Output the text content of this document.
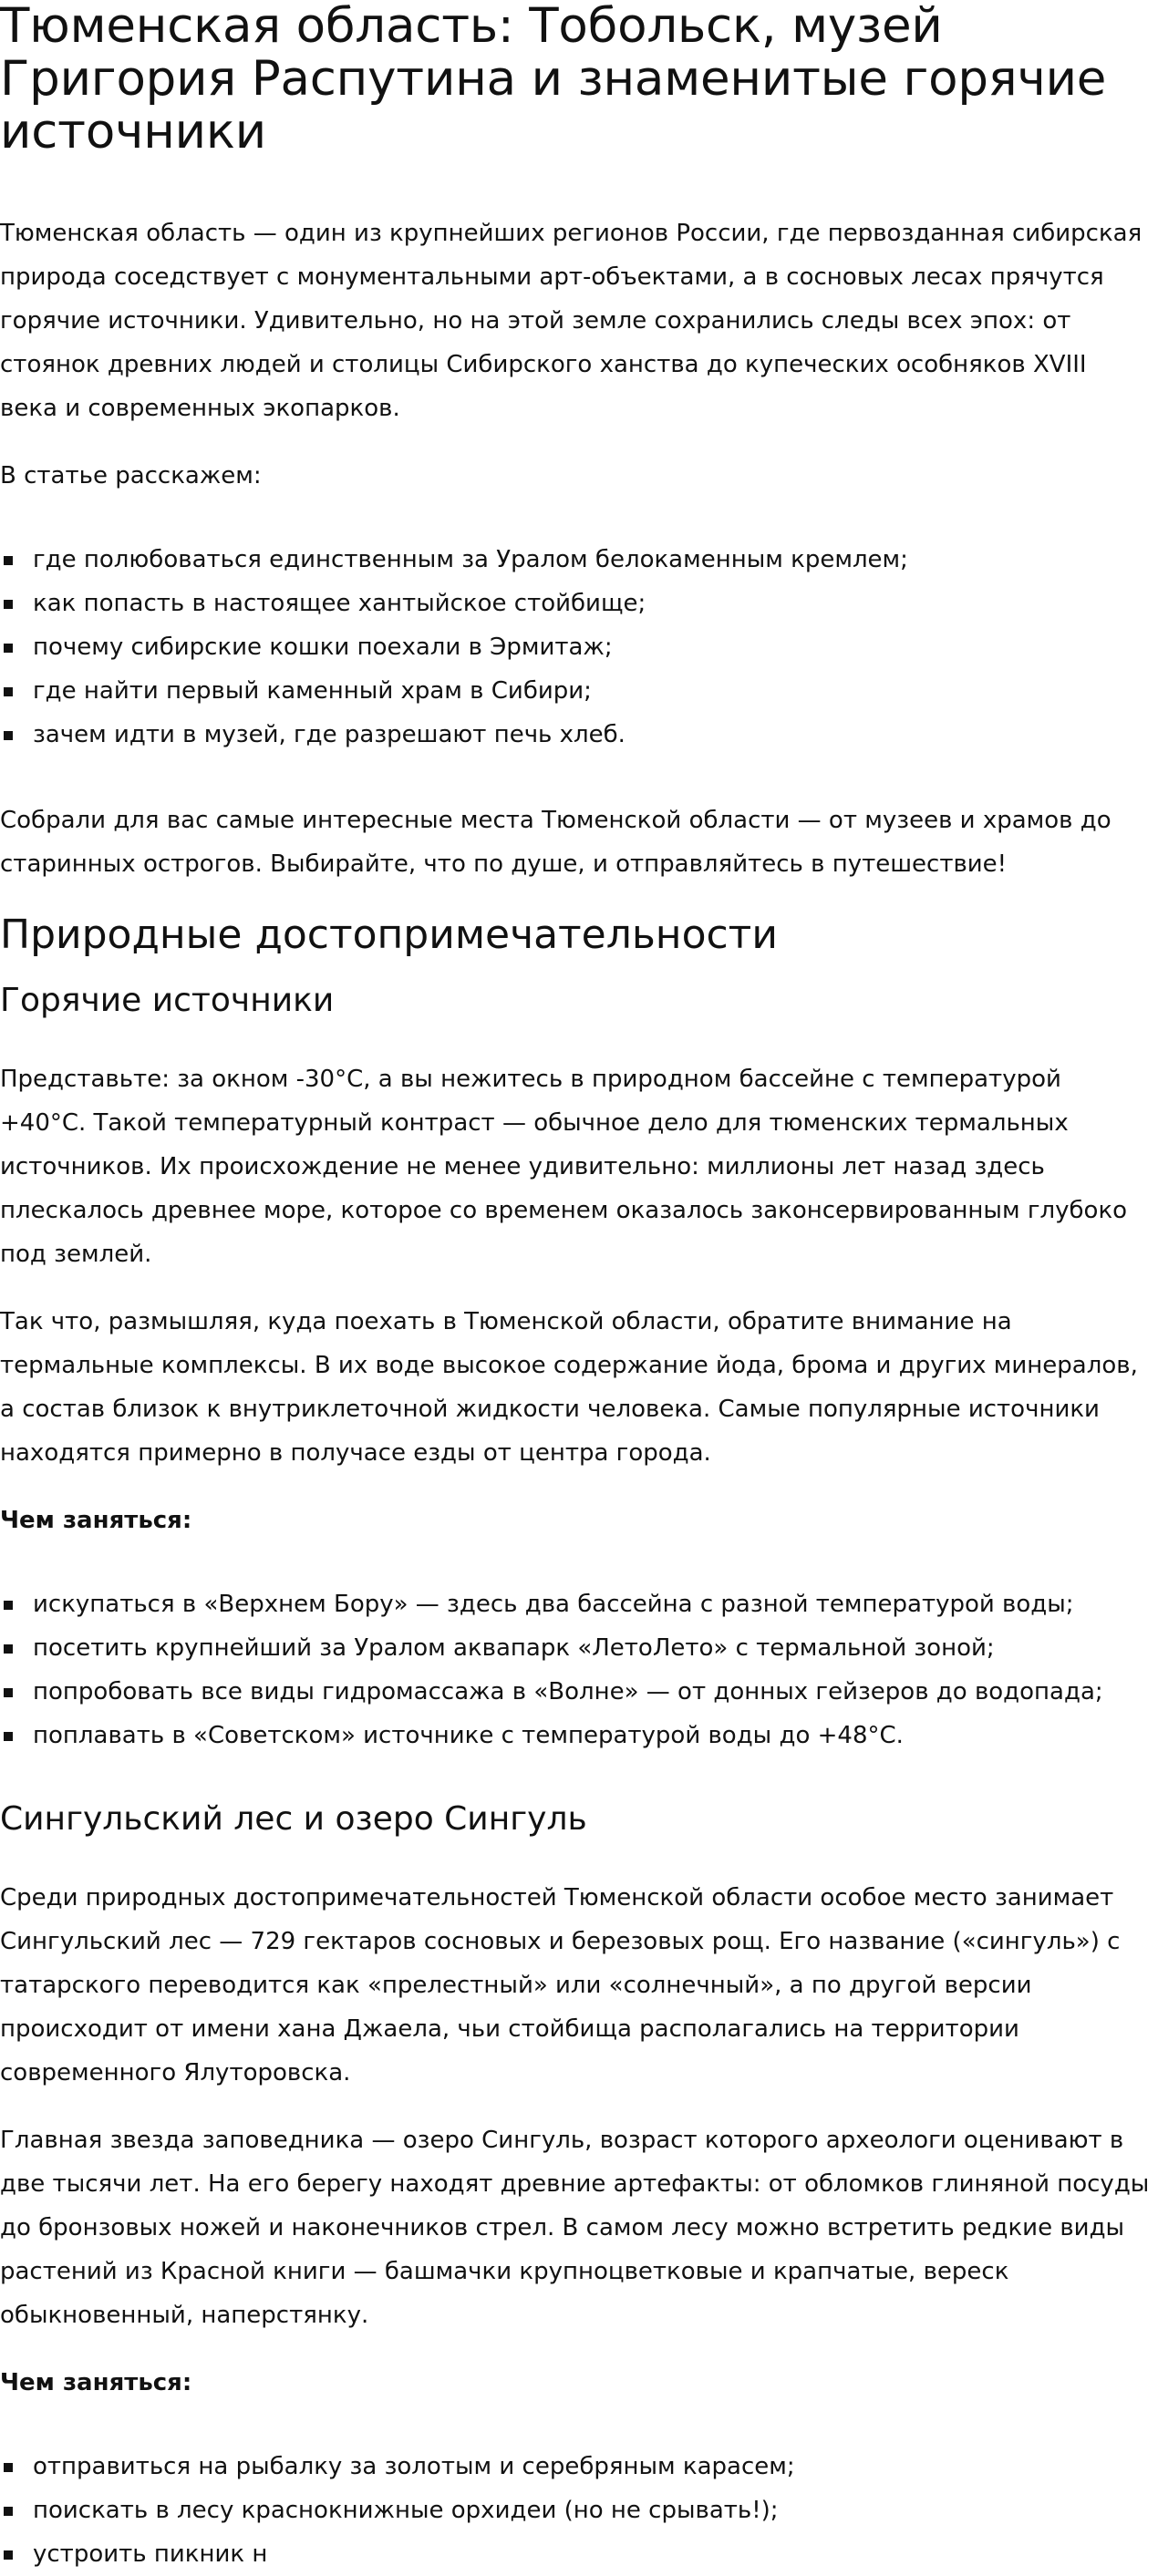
Тюменская область: Тобольск, музей Григория Распутина и знаменитые горячие источники

Тюменская область — один из крупнейших регионов России, где первозданная сибирская природа соседствует с монументальными арт-объектами, а в сосновых лесах прячутся горячие источники. Удивительно, но на этой земле сохранились следы всех эпох: от стоянок древних людей и столицы Сибирского ханства до купеческих особняков XVIII века и современных экопарков.

В статье расскажем:

где полюбоваться единственным за Уралом белокаменным кремлем;
как попасть в настоящее хантыйское стойбище;
почему сибирские кошки поехали в Эрмитаж;
где найти первый каменный храм в Сибири;
зачем идти в музей, где разрешают печь хлеб.

Собрали для вас самые интересные места Тюменской области — от музеев и храмов до старинных острогов. Выбирайте, что по душе, и отправляйтесь в путешествие!

Природные достопримечательности
Горячие источники

Представьте: за окном -30°C, а вы нежитесь в природном бассейне с температурой +40°C. Такой температурный контраст — обычное дело для тюменских термальных источников. Их происхождение не менее удивительно: миллионы лет назад здесь плескалось древнее море, которое со временем оказалось законсервированным глубоко под землей.

Так что, размышляя, куда поехать в Тюменской области, обратите внимание на термальные комплексы. В их воде высокое содержание йода, брома и других минералов, а состав близок к внутриклеточной жидкости человека. Самые популярные источники находятся примерно в получасе езды от центра города.

Чем заняться:

искупаться в «Верхнем Бору» — здесь два бассейна с разной температурой воды;
посетить крупнейший за Уралом аквапарк «ЛетоЛето» с термальной зоной;
попробовать все виды гидромассажа в «Волне» — от донных гейзеров до водопада;
поплавать в «Советском» источнике с температурой воды до +48°C.
Сингульский лес и озеро Сингуль

Среди природных достопримечательностей Тюменской области особое место занимает Сингульский лес — 729 гектаров сосновых и березовых рощ. Его название («сингуль») с татарского переводится как «прелестный» или «солнечный», а по другой версии происходит от имени хана Джаела, чьи стойбища располагались на территории современного Ялуторовска.

Главная звезда заповедника — озеро Сингуль, возраст которого археологи оценивают в две тысячи лет. На его берегу находят древние артефакты: от обломков глиняной посуды до бронзовых ножей и наконечников стрел. В самом лесу можно встретить редкие виды растений из Красной книги — башмачки крупноцветковые и крапчатые, вереск обыкновенный, наперстянку.

Чем заняться:

отправиться на рыбалку за золотым и серебряным карасем;
поискать в лесу краснокнижные орхидеи (но не срывать!);
устроить пикник н
